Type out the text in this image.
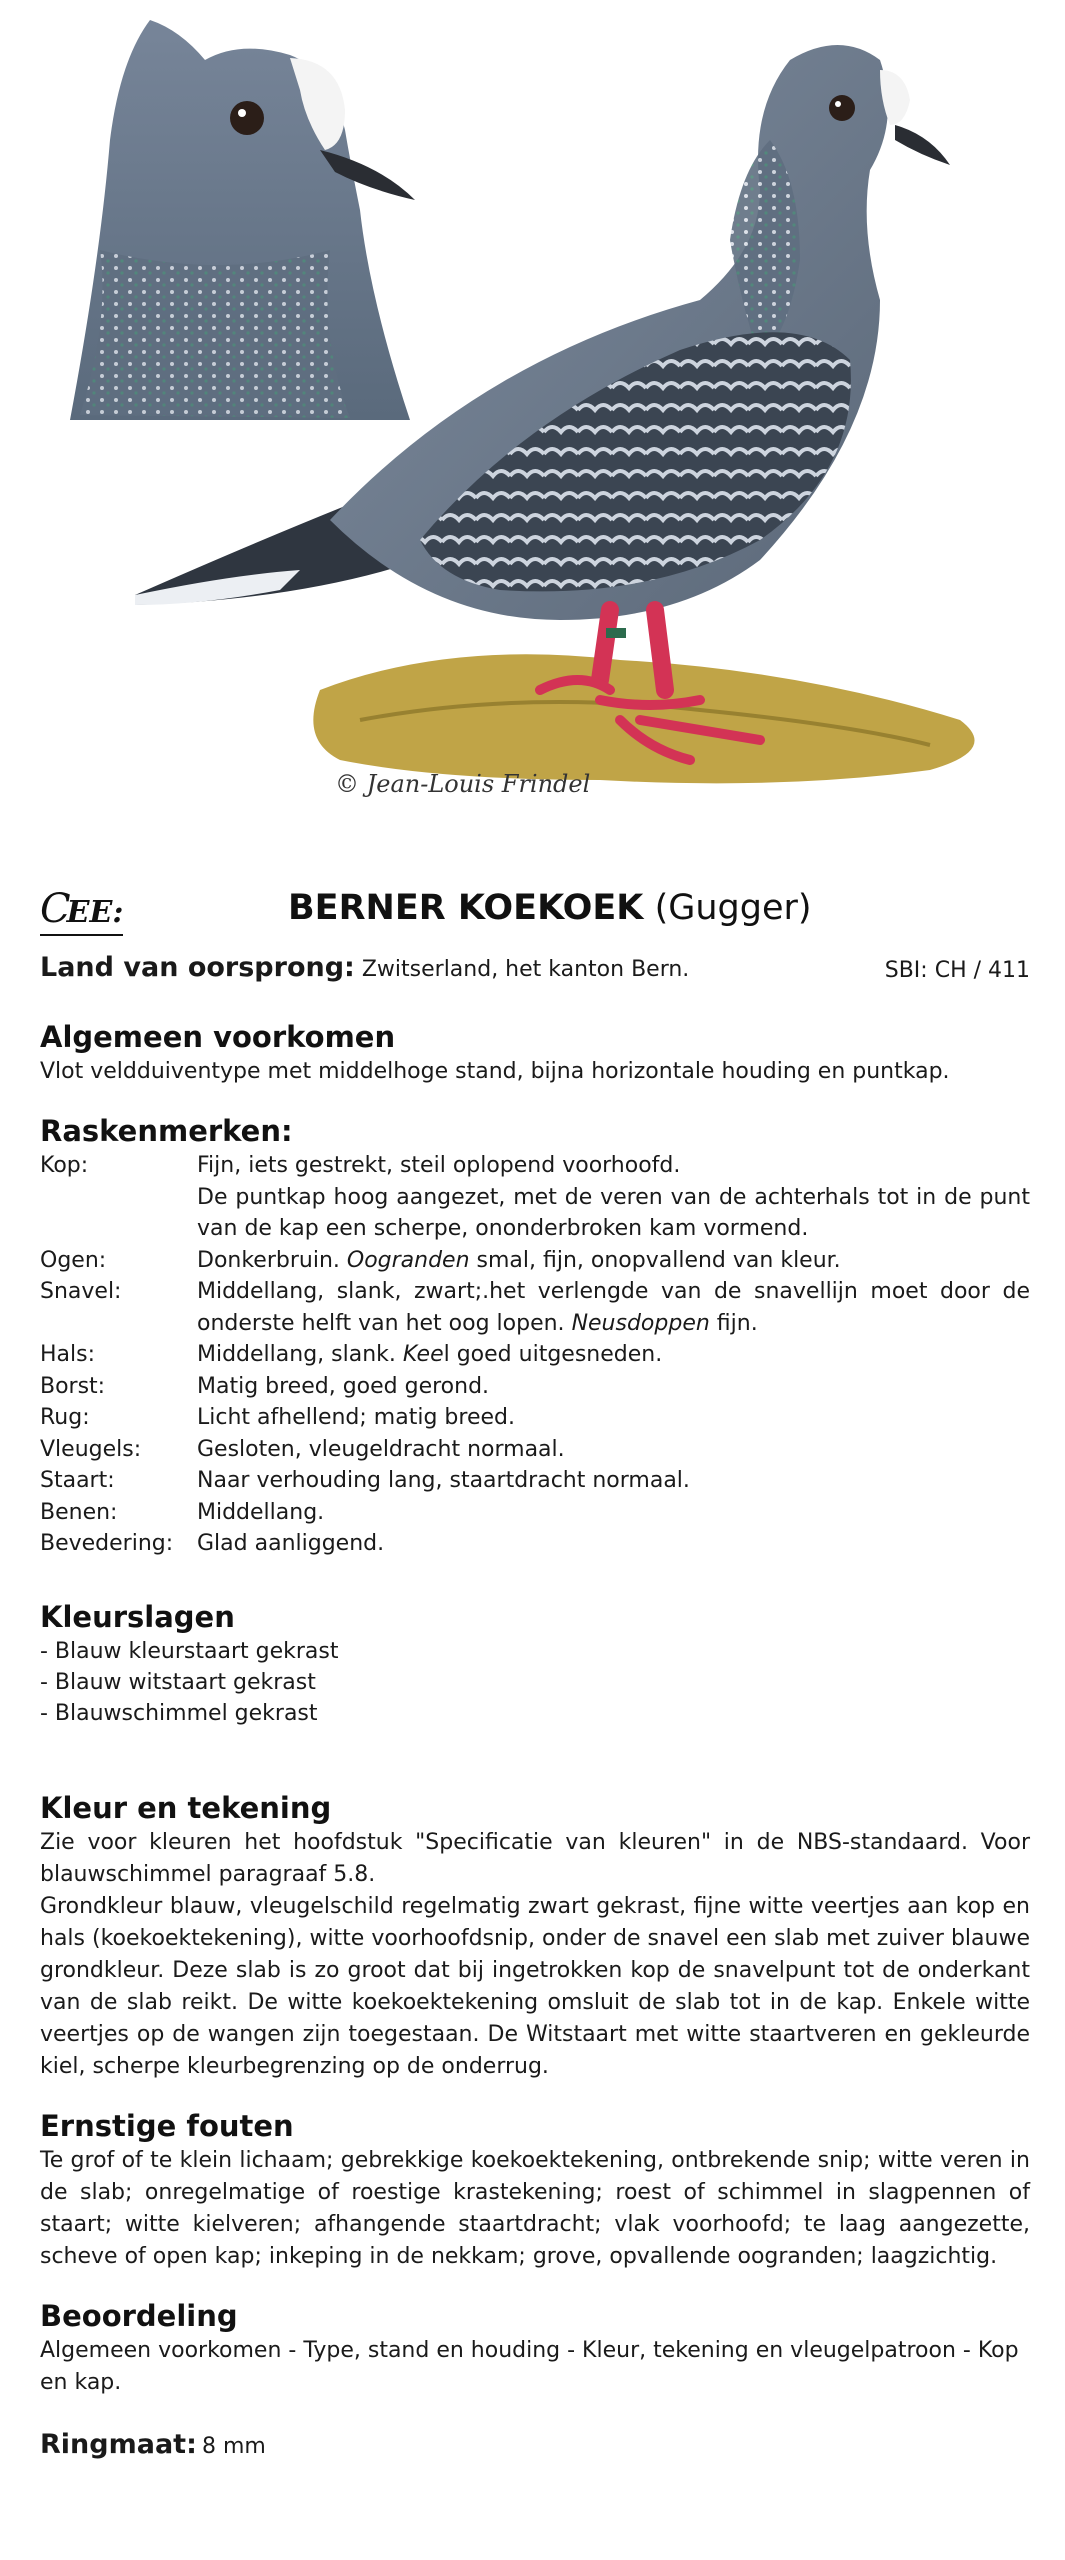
© Jean-Louis Frindel
CEE:	BERNER KOEKOEK (Gugger)
Land van oorsprong: Zwitserland, het kanton Bern.	SBI: CH / 411
Algemeen voorkomen

Vlot veldduiventype met middelhoge stand, bijna horizontale houding en puntkap.

Raskenmerken:
Kop:	Fijn, iets gestrekt, steil oplopend voorhoofd.
De puntkap hoog aangezet, met de veren van de achterhals tot in de punt van de kap een scherpe, ononderbroken kam vormend.

Ogen:	Donkerbruin. Oogranden smal, fijn, onopvallend van kleur.
Snavel:	Middellang, slank, zwart;.het verlengde van de snavellijn moet door de onderste helft van het oog lopen. Neusdoppen fijn.
Hals:	Middellang, slank. Keel goed uitgesneden.
Borst:	Matig breed, goed gerond.
Rug:	Licht afhellend; matig breed.
Vleugels:	Gesloten, vleugeldracht normaal.
Staart:	Naar verhouding lang, staartdracht normaal.
Benen:	Middellang.
Bevedering:	Glad aanliggend.
Kleurslagen
- Blauw kleurstaart gekrast
- Blauw witstaart gekrast
- Blauwschimmel gekrast
Kleur en tekening

Zie voor kleuren het hoofdstuk "Specificatie van kleuren" in de NBS-standaard. Voor blauwschimmel paragraaf 5.8.

Grondkleur blauw, vleugelschild regelmatig zwart gekrast, fijne witte veertjes aan kop en hals (koekoektekening), witte voorhoofdsnip, onder de snavel een slab met zuiver blauwe grondkleur. Deze slab is zo groot dat bij ingetrokken kop de snavelpunt tot de onderkant van de slab reikt. De witte koekoektekening omsluit de slab tot in de kap. Enkele witte veertjes op de wangen zijn toegestaan. De Witstaart met witte staartveren en gekleurde kiel, scherpe kleurbegrenzing op de onderrug.

Ernstige fouten

Te grof of te klein lichaam; gebrekkige koekoektekening, ontbrekende snip; witte veren in de slab; onregelmatige of roestige krastekening; roest of schimmel in slagpennen of staart; witte kielveren; afhangende staartdracht; vlak voorhoofd; te laag aangezette, scheve of open kap; inkeping in de nekkam; grove, opvallende oogranden; laagzichtig.

Beoordeling

Algemeen voorkomen - Type, stand en houding - Kleur, tekening en vleugelpatroon - Kop en kap.

Ringmaat: 8 mm
